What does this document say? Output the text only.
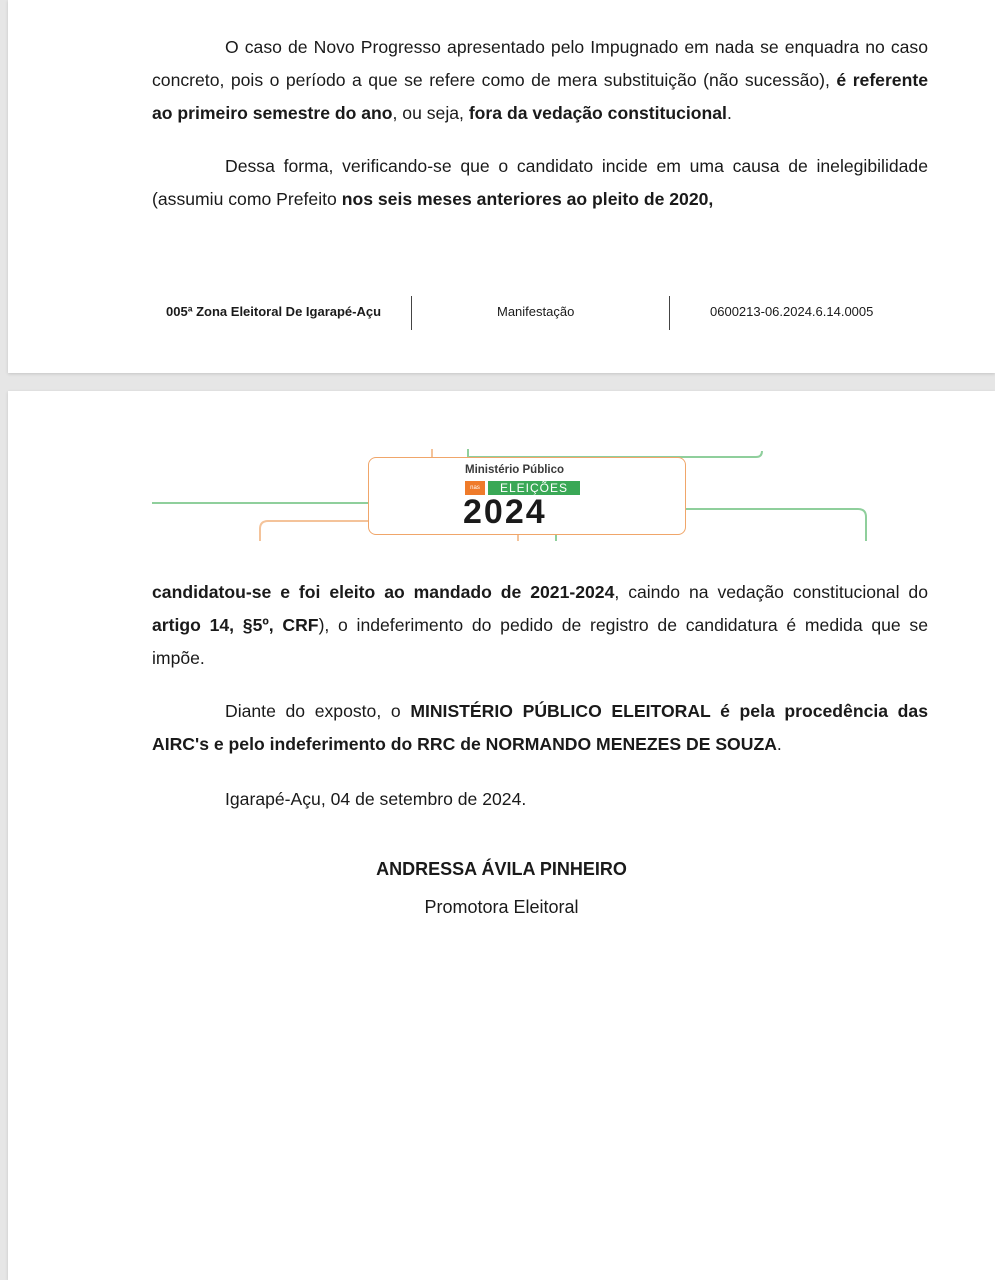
O caso de Novo Progresso apresentado pelo Impugnado em nada se enquadra no caso concreto, pois o período a que se refere como de mera substituição (não sucessão), é referente ao primeiro semestre do ano, ou seja, fora da vedação constitucional.

Dessa forma, verificando-se que o candidato incide em uma causa de inelegibilidade (assumiu como Prefeito nos seis meses anteriores ao pleito de 2020,

005ª Zona Eleitoral De Igarapé-Açu	Manifestação	0600213-06.2024.6.14.0005
Ministério Público
nas	ELEIÇÕES
2024

candidatou-se e foi eleito ao mandado de 2021-2024, caindo na vedação constitucional do artigo 14, §5º, CRF), o indeferimento do pedido de registro de candidatura é medida que se impõe.

Diante do exposto, o MINISTÉRIO PÚBLICO ELEITORAL é pela procedência das AIRC's e pelo indeferimento do RRC de NORMANDO MENEZES DE SOUZA.

Igarapé-Açu, 04 de setembro de 2024.

ANDRESSA ÁVILA PINHEIRO

Promotora Eleitoral
